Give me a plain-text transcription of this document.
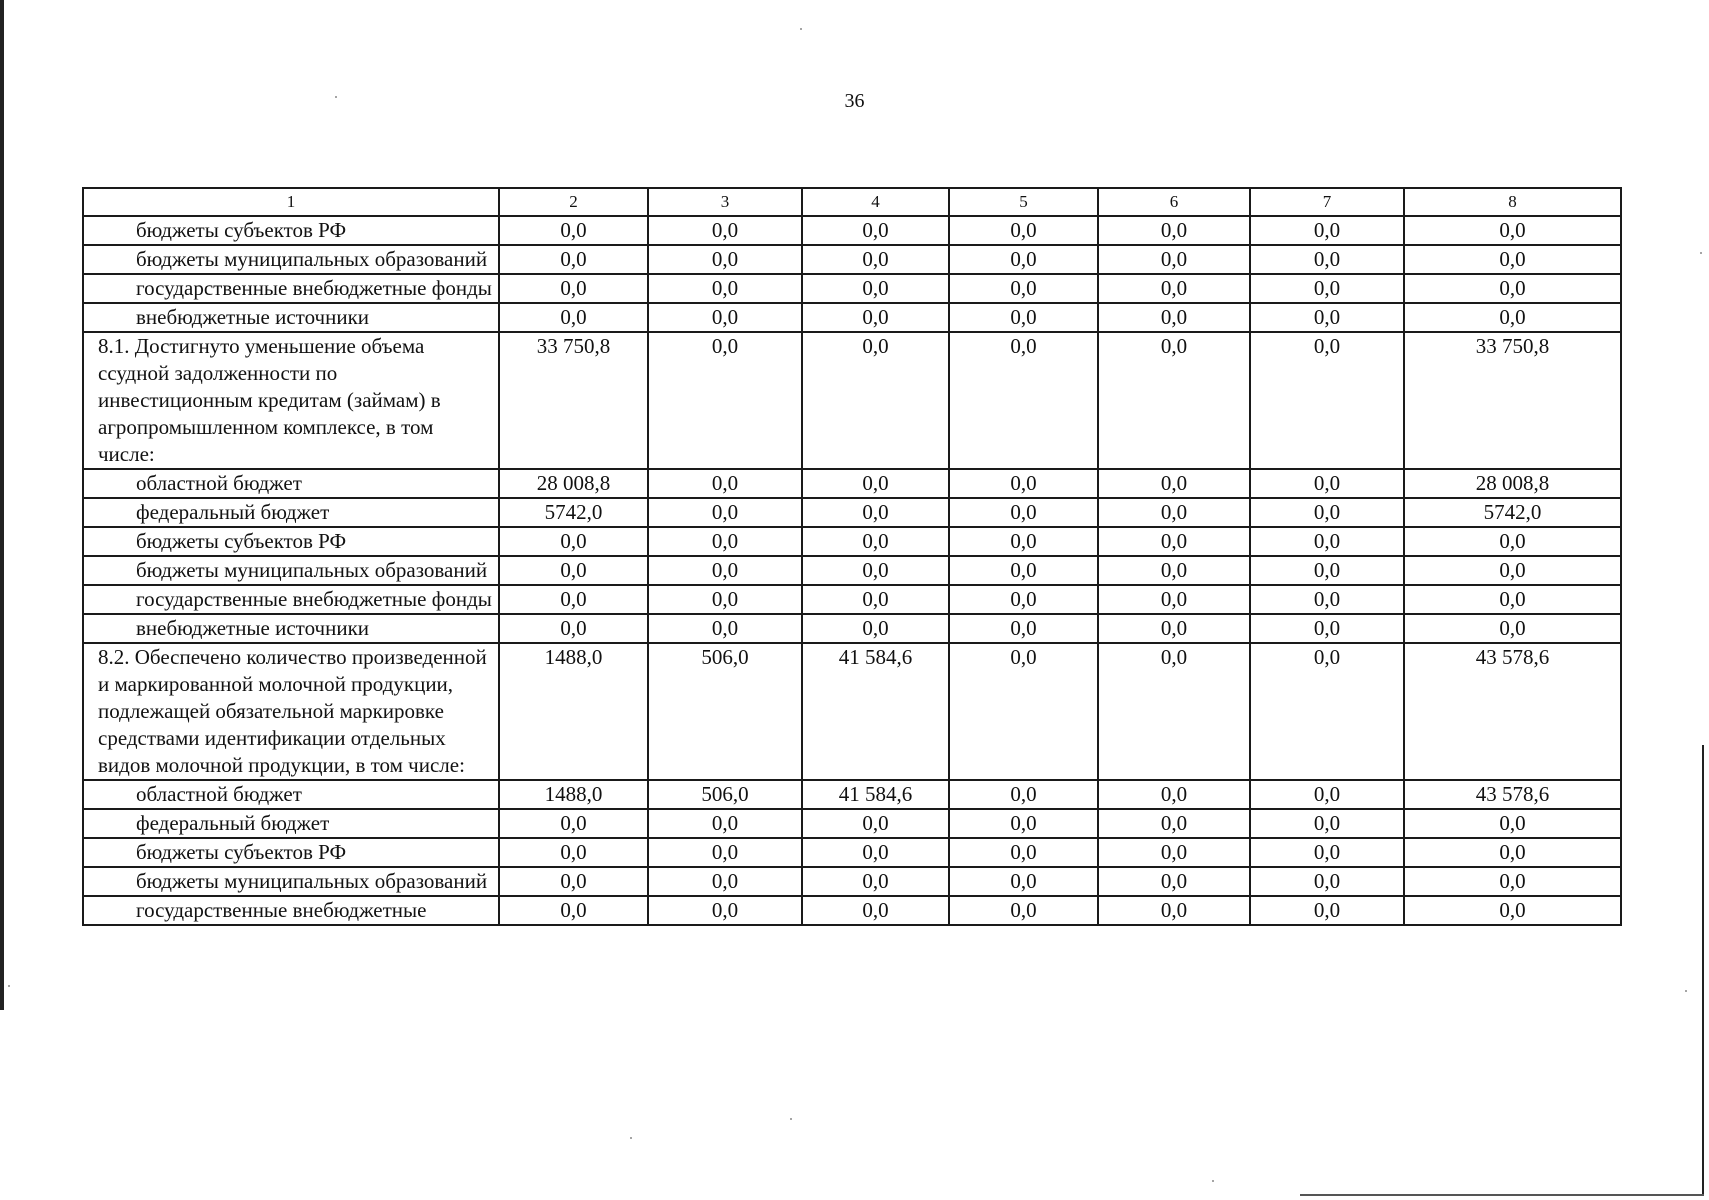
36
1	2	3	4	5	6	7	8
бюджеты субъектов РФ	0,0	0,0	0,0	0,0	0,0	0,0	0,0
бюджеты муниципальных образований	0,0	0,0	0,0	0,0	0,0	0,0	0,0
государственные внебюджетные фонды	0,0	0,0	0,0	0,0	0,0	0,0	0,0
внебюджетные источники	0,0	0,0	0,0	0,0	0,0	0,0	0,0
8.1. Достигнуто уменьшение объема ссудной задолженности по инвестиционным кредитам (займам) в агропромышленном комплексе, в том числе:	33 750,8	0,0	0,0	0,0	0,0	0,0	33 750,8
областной бюджет	28 008,8	0,0	0,0	0,0	0,0	0,0	28 008,8
федеральный бюджет	5742,0	0,0	0,0	0,0	0,0	0,0	5742,0
бюджеты субъектов РФ	0,0	0,0	0,0	0,0	0,0	0,0	0,0
бюджеты муниципальных образований	0,0	0,0	0,0	0,0	0,0	0,0	0,0
государственные внебюджетные фонды	0,0	0,0	0,0	0,0	0,0	0,0	0,0
внебюджетные источники	0,0	0,0	0,0	0,0	0,0	0,0	0,0
8.2. Обеспечено количество произведенной и маркированной молочной продукции, подлежащей обязательной маркировке средствами идентификации отдельных видов молочной продукции, в том числе:	1488,0	506,0	41 584,6	0,0	0,0	0,0	43 578,6
областной бюджет	1488,0	506,0	41 584,6	0,0	0,0	0,0	43 578,6
федеральный бюджет	0,0	0,0	0,0	0,0	0,0	0,0	0,0
бюджеты субъектов РФ	0,0	0,0	0,0	0,0	0,0	0,0	0,0
бюджеты муниципальных образований	0,0	0,0	0,0	0,0	0,0	0,0	0,0
государственные внебюджетные	0,0	0,0	0,0	0,0	0,0	0,0	0,0
